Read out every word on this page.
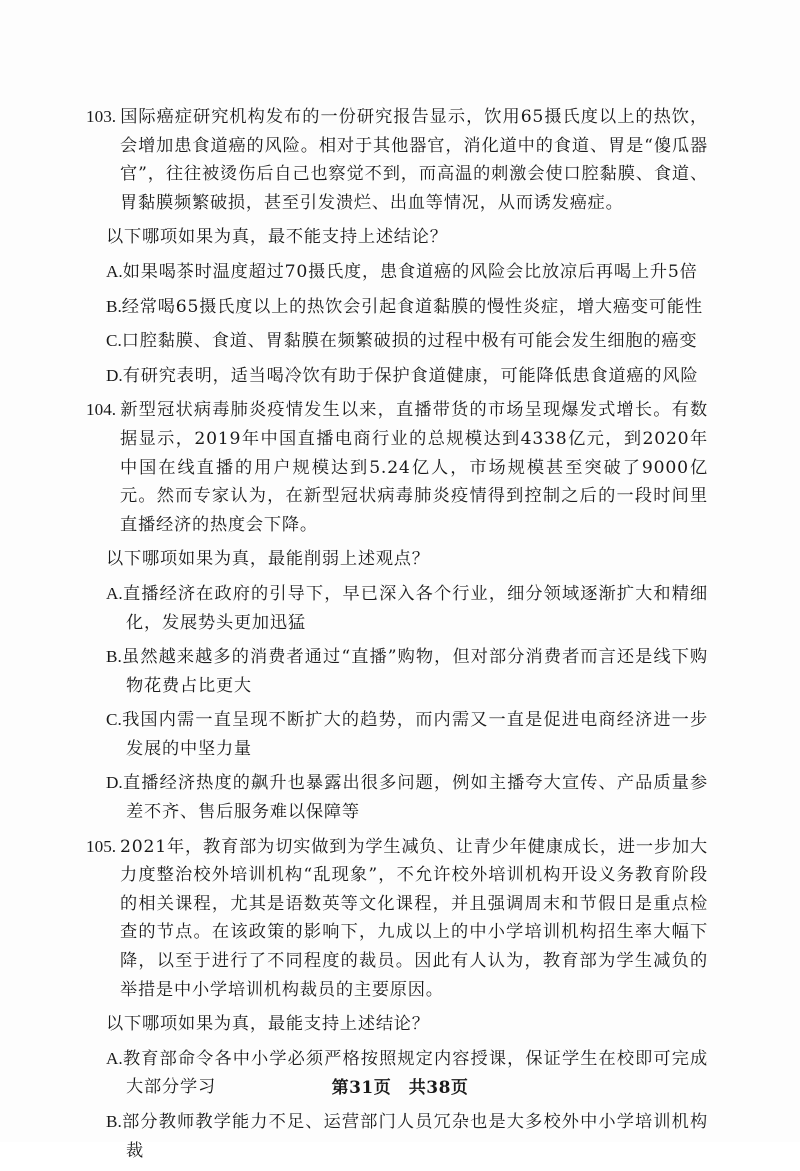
103. 国际癌症研究机构发布的一份研究报告显示，饮用65摄氏度以上的热饮，会增加患食道癌的风险。相对于其他器官，消化道中的食道、胃是“傻瓜器官”，往往被烫伤后自己也察觉不到，而高温的刺激会使口腔黏膜、食道、胃黏膜频繁破损，甚至引发溃烂、出血等情况，从而诱发癌症。

以下哪项如果为真，最不能支持上述结论？

A.如果喝茶时温度超过70摄氏度，患食道癌的风险会比放凉后再喝上升5倍
B.经常喝65摄氏度以上的热饮会引起食道黏膜的慢性炎症，增大癌变可能性
C.口腔黏膜、食道、胃黏膜在频繁破损的过程中极有可能会发生细胞的癌变
D.有研究表明，适当喝冷饮有助于保护食道健康，可能降低患食道癌的风险

104. 新型冠状病毒肺炎疫情发生以来，直播带货的市场呈现爆发式增长。有数据显示，2019年中国直播电商行业的总规模达到4338亿元，到2020年中国在线直播的用户规模达到5.24亿人，市场规模甚至突破了9000亿元。然而专家认为，在新型冠状病毒肺炎疫情得到控制之后的一段时间里直播经济的热度会下降。

以下哪项如果为真，最能削弱上述观点？

A.直播经济在政府的引导下，早已深入各个行业，细分领域逐渐扩大和精细化，发展势头更加迅猛
B.虽然越来越多的消费者通过“直播”购物，但对部分消费者而言还是线下购物花费占比更大
C.我国内需一直呈现不断扩大的趋势，而内需又一直是促进电商经济进一步发展的中坚力量
D.直播经济热度的飙升也暴露出很多问题，例如主播夸大宣传、产品质量参差不齐、售后服务难以保障等

105. 2021年，教育部为切实做到为学生减负、让青少年健康成长，进一步加大力度整治校外培训机构“乱现象”，不允许校外培训机构开设义务教育阶段的相关课程，尤其是语数英等文化课程，并且强调周末和节假日是重点检查的节点。在该政策的影响下，九成以上的中小学培训机构招生率大幅下降，以至于进行了不同程度的裁员。因此有人认为，教育部为学生减负的举措是中小学培训机构裁员的主要原因。

以下哪项如果为真，最能支持上述结论？

A.教育部命令各中小学必须严格按照规定内容授课，保证学生在校即可完成大部分学习
B.部分教师教学能力不足、运营部门人员冗杂也是大多校外中小学培训机构裁
第31页　共38页
